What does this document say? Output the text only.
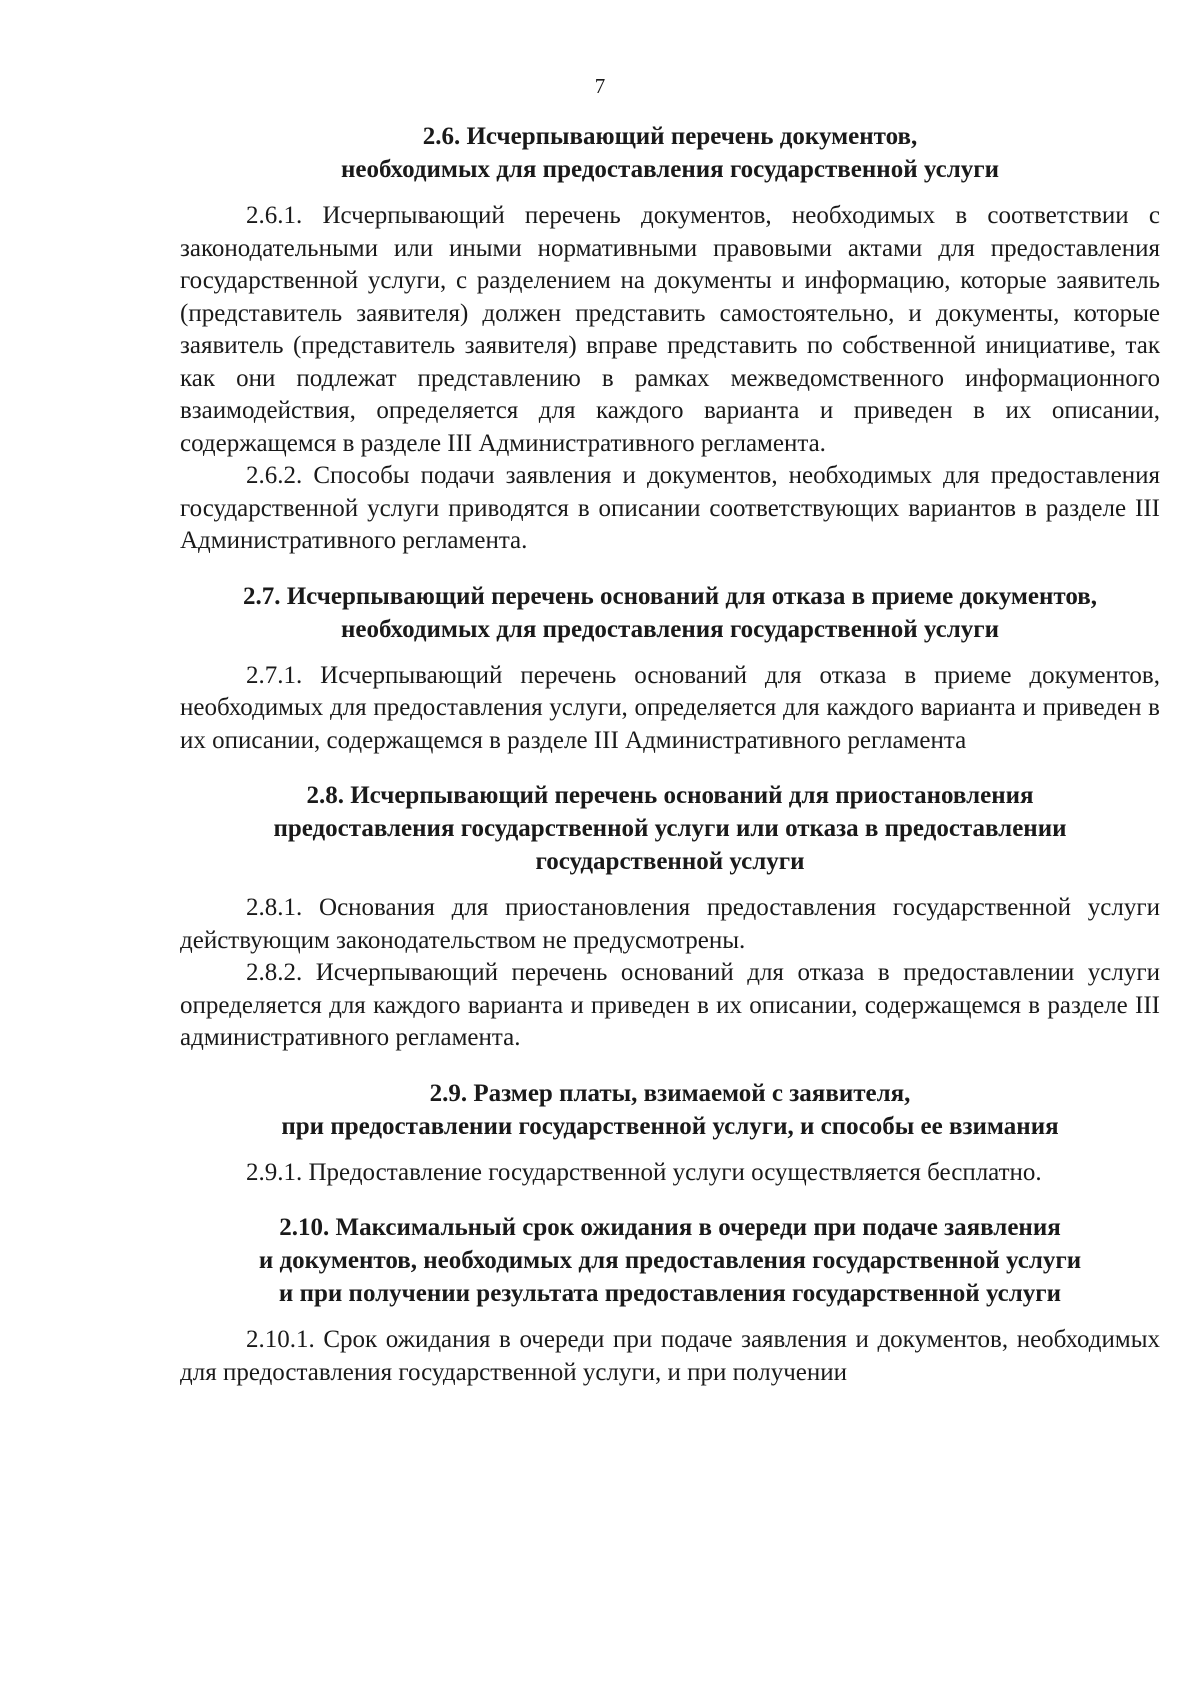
7
2.6. Исчерпывающий перечень документов,
необходимых для предоставления государственной услуги

2.6.1. Исчерпывающий перечень документов, необходимых в соответствии с законодательными или иными нормативными правовыми актами для предоставления государственной услуги, с разделением на документы и информацию, которые заявитель (представитель заявителя) должен представить самостоятельно, и документы, которые заявитель (представитель заявителя) вправе представить по собственной инициативе, так как они подлежат представлению в рамках межведомственного информационного взаимодействия, определяется для каждого варианта и приведен в их описании, содержащемся в разделе III Административного регламента.

2.6.2. Способы подачи заявления и документов, необходимых для предоставления государственной услуги приводятся в описании соответствующих вариантов в разделе III Административного регламента.

2.7. Исчерпывающий перечень оснований для отказа в приеме документов,
необходимых для предоставления государственной услуги

2.7.1. Исчерпывающий перечень оснований для отказа в приеме документов, необходимых для предоставления услуги, определяется для каждого варианта и приведен в их описании, содержащемся в разделе III Административного регламента

2.8. Исчерпывающий перечень оснований для приостановления
предоставления государственной услуги или отказа в предоставлении
государственной услуги

2.8.1. Основания для приостановления предоставления государственной услуги действующим законодательством не предусмотрены.

2.8.2. Исчерпывающий перечень оснований для отказа в предоставлении услуги определяется для каждого варианта и приведен в их описании, содержащемся в разделе III административного регламента.

2.9. Размер платы, взимаемой с заявителя,
при предоставлении государственной услуги, и способы ее взимания

2.9.1. Предоставление государственной услуги осуществляется бесплатно.

2.10. Максимальный срок ожидания в очереди при подаче заявления
и документов, необходимых для предоставления государственной услуги
и при получении результата предоставления государственной услуги

2.10.1. Срок ожидания в очереди при подаче заявления и документов, необходимых для предоставления государственной услуги, и при получении
